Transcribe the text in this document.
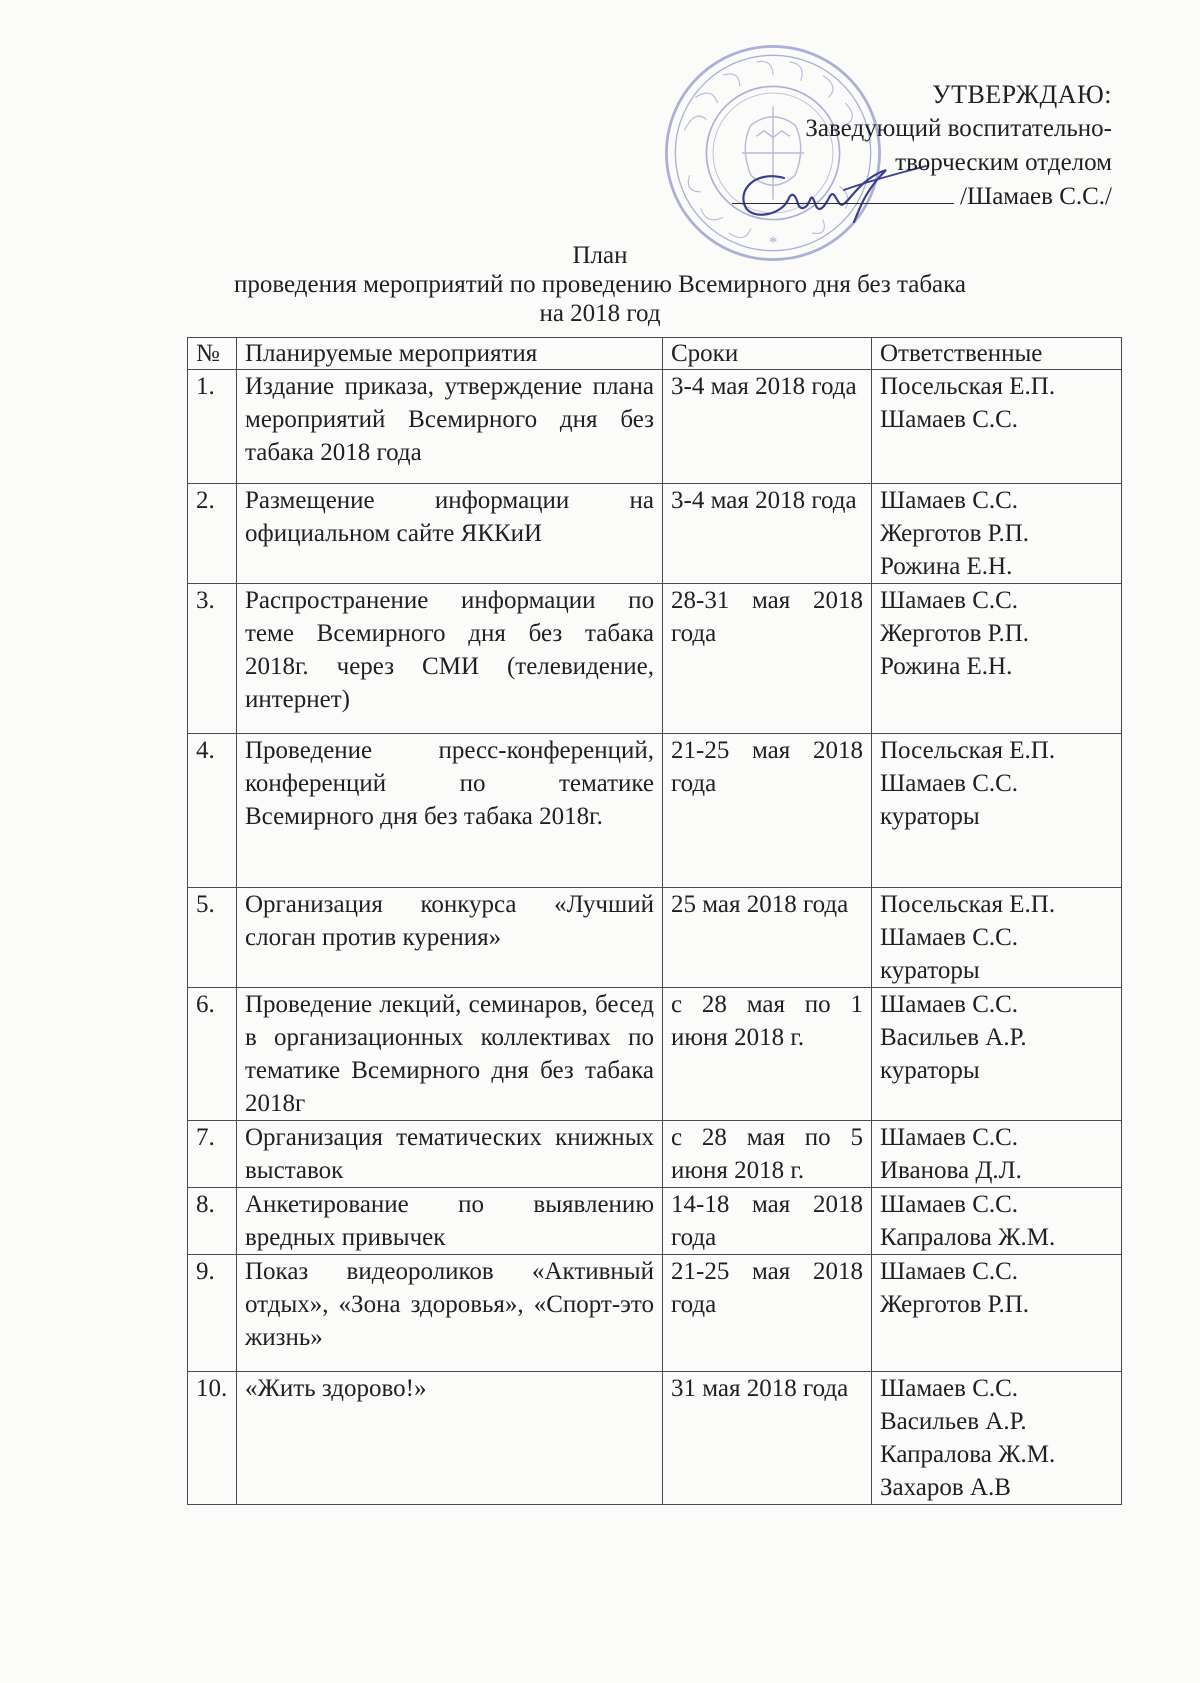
*
УТВЕРЖДАЮ:
Заведующий воспитательно-
творческим отделом
/Шамаев С.С./
План
проведения мероприятий по проведению Всемирного дня без табака
на 2018 год
№	Планируемые мероприятия	Сроки	Ответственные
1.	Издание приказа, утверждение плана мероприятий Всемирного дня без табака 2018 года	3-4 мая 2018 года	Посельская Е.П.
Шамаев С.С.

2.	Размещение информации на официальном сайте ЯККиИ	3-4 мая 2018 года	Шамаев С.С.
Жерготов Р.П.
Рожина Е.Н.

3.	Распространение информации по теме Всемирного дня без табака 2018г. через СМИ (телевидение, интернет)	28-31 мая 2018 года	Шамаев С.С.
Жерготов Р.П.
Рожина Е.Н.

4.	Проведение пресс-конференций, конференций по тематике Всемирного дня без табака 2018г.	21-25 мая 2018 года	Посельская Е.П.
Шамаев С.С.
кураторы

5.	Организация конкурса «Лучший слоган против курения»	25 мая 2018 года	Посельская Е.П.
Шамаев С.С.
кураторы

6.	Проведение лекций, семинаров, бесед в организационных коллективах по тематике Всемирного дня без табака 2018г	с 28 мая по 1 июня 2018 г.	Шамаев С.С.
Васильев А.Р.
кураторы

7.	Организация тематических книжных выставок	с 28 мая по 5 июня 2018 г.	Шамаев С.С.
Иванова Д.Л.

8.	Анкетирование по выявлению вредных привычек	14-18 мая 2018 года	Шамаев С.С.
Капралова Ж.М.

9.	Показ видеороликов «Активный отдых», «Зона здоровья», «Спорт-это жизнь»	21-25 мая 2018 года	Шамаев С.С.
Жерготов Р.П.

10.	«Жить здорово!»	31 мая 2018 года	Шамаев С.С.
Васильев А.Р.
Капралова Ж.М.
Захаров А.В
